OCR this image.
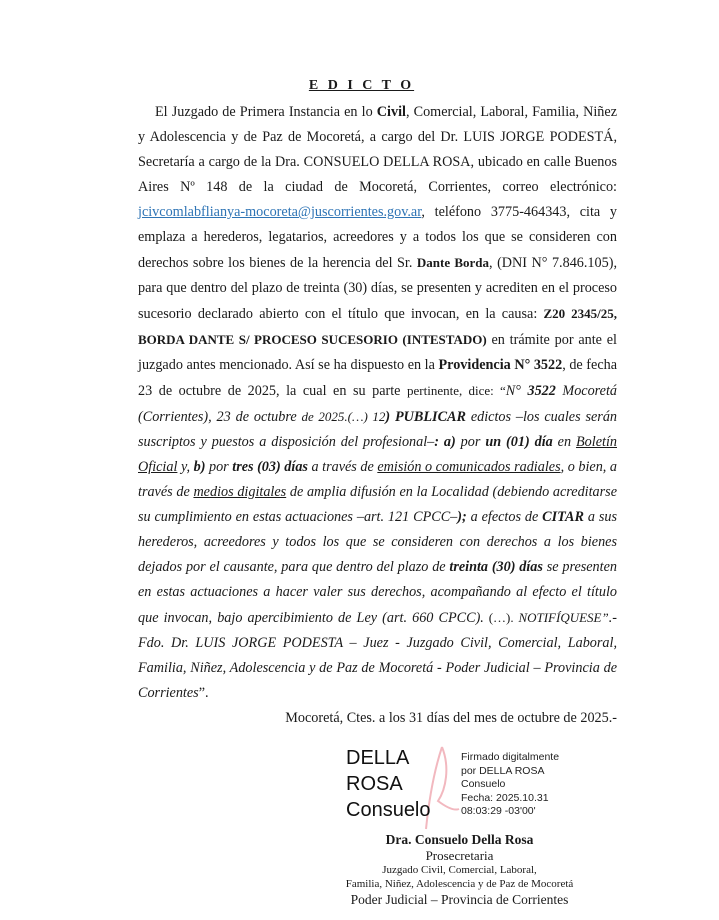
E D I C T O
El Juzgado de Primera Instancia en lo Civil, Comercial, Laboral, Familia, Niñez y Adolescencia y de Paz de Mocoretá, a cargo del Dr. LUIS JORGE PODESTÁ, Secretaría a cargo de la Dra. CONSUELO DELLA ROSA, ubicado en calle Buenos Aires Nº 148 de la ciudad de Mocoretá, Corrientes, correo electrónico: jcivcomlabflianya-mocoreta@juscorrientes.gov.ar, teléfono 3775-464343, cita y emplaza a herederos, legatarios, acreedores y a todos los que se consideren con derechos sobre los bienes de la herencia del Sr. Dante Borda, (DNI N° 7.846.105), para que dentro del plazo de treinta (30) días, se presenten y acrediten en el proceso sucesorio declarado abierto con el título que invocan, en la causa: Z20 2345/25, BORDA DANTE S/ PROCESO SUCESORIO (INTESTADO) en trámite por ante el juzgado antes mencionado. Así se ha dispuesto en la Providencia N° 3522, de fecha 23 de octubre de 2025, la cual en su parte pertinente, dice: “N° 3522 Mocoretá (Corrientes), 23 de octubre de 2025.(…) 12) PUBLICAR edictos –los cuales serán suscriptos y puestos a disposición del profesional–: a) por un (01) día en Boletín Oficial y, b) por tres (03) días a través de emisión o comunicados radiales, o bien, a través de medios digitales de amplia difusión en la Localidad (debiendo acreditarse su cumplimiento en estas actuaciones –art. 121 CPCC–); a efectos de CITAR a sus herederos, acreedores y todos los que se consideren con derechos a los bienes dejados por el causante, para que dentro del plazo de treinta (30) días se presenten en estas actuaciones a hacer valer sus derechos, acompañando al efecto el título que invocan, bajo apercibimiento de Ley (art. 660 CPCC). (…). NOTIFÍQUESE”.- Fdo. Dr. LUIS JORGE PODESTA – Juez - Juzgado Civil, Comercial, Laboral, Familia, Niñez, Adolescencia y de Paz de Mocoretá - Poder Judicial – Provincia de Corrientes”.
Mocoretá, Ctes. a los 31 días del mes de octubre de 2025.-
DELLA
ROSA
Consuelo
Firmado digitalmente
por DELLA ROSA
Consuelo
Fecha: 2025.10.31
08:03:29 -03'00'
Dra. Consuelo Della Rosa
Prosecretaria
Juzgado Civil, Comercial, Laboral,
Familia, Niñez, Adolescencia y de Paz de Mocoretá
Poder Judicial – Provincia de Corrientes
